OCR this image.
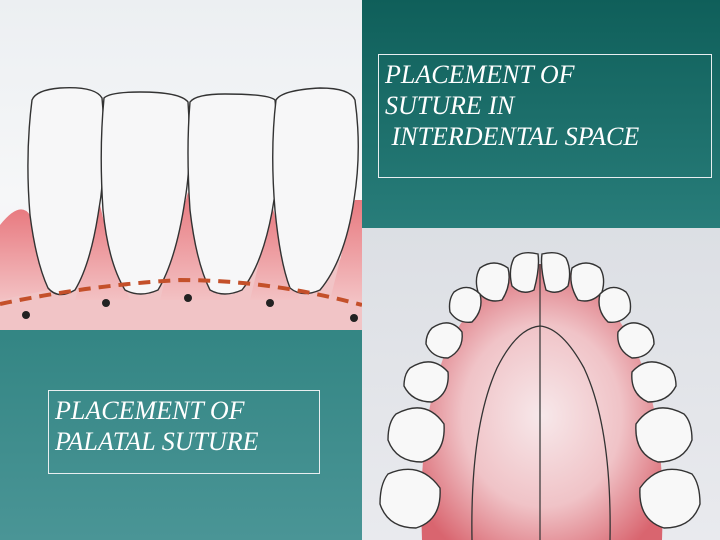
PLACEMENT OF
SUTURE IN
INTERDENTAL SPACE
PLACEMENT OF
PALATAL SUTURE
